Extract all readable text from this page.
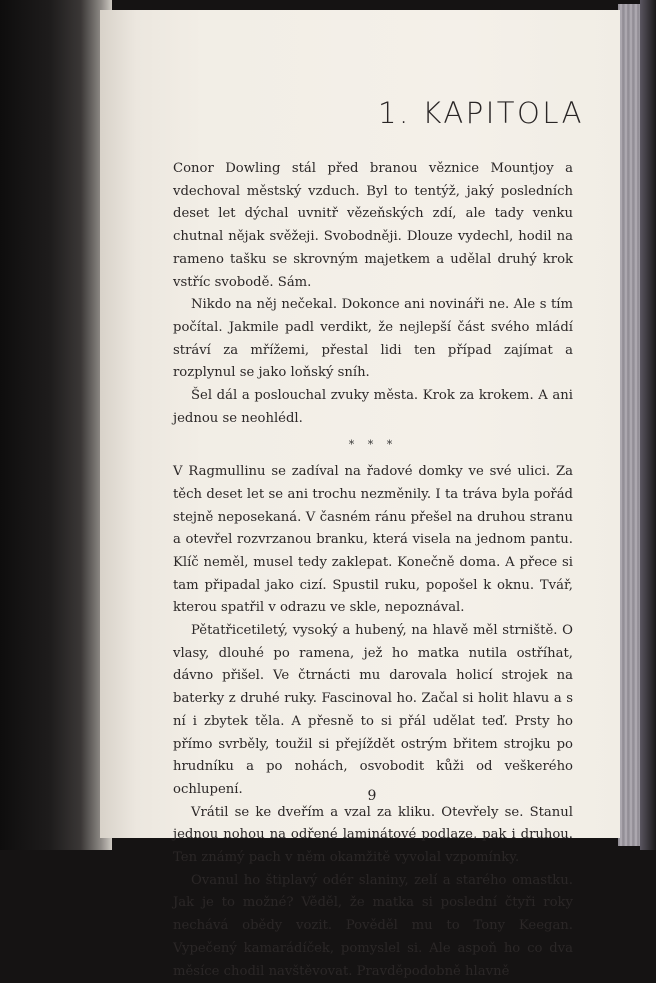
1. KAPITOLA

Conor Dowling stál před branou věznice Mountjoy a vdechoval městský vzduch. Byl to tentýž, jaký posledních deset let dýchal uvnitř vězeňských zdí, ale tady venku chutnal nějak svěžeji. Svobodněji. Dlouze vydechl, hodil na rameno tašku se skrovným majetkem a udělal druhý krok vstříc svobodě. Sám.

Nikdo na něj nečekal. Dokonce ani novináři ne. Ale s tím počítal. Jakmile padl verdikt, že nejlepší část svého mládí stráví za mřížemi, přestal lidi ten případ zajímat a rozplynul se jako loňský sníh.

Šel dál a poslouchal zvuky města. Krok za krokem. A ani jednou se neohlédl.

* * *

V Ragmullinu se zadíval na řadové domky ve své ulici. Za těch deset let se ani trochu nezměnily. I ta tráva byla pořád stejně neposekaná. V časném ránu přešel na druhou stranu a otevřel rozvrzanou branku, která visela na jednom pantu. Klíč neměl, musel tedy zaklepat. Konečně doma. A přece si tam připadal jako cizí. Spustil ruku, popošel k oknu. Tvář, kterou spatřil v odrazu ve skle, nepoznával.

Pětatřicetiletý, vysoký a hubený, na hlavě měl strniště. O vlasy, dlouhé po ramena, jež ho matka nutila ostříhat, dávno přišel. Ve čtrnácti mu darovala holicí strojek na baterky z druhé ruky. Fascinoval ho. Začal si holit hlavu a s ní i zbytek těla. A přesně to si přál udělat teď. Prsty ho přímo svrběly, toužil si přejíždět ostrým břitem strojku po hrudníku a po nohách, osvobodit kůži od veškerého ochlupení.

Vrátil se ke dveřím a vzal za kliku. Otevřely se. Stanul jednou nohou na odřené laminátové podlaze, pak i druhou. Ten známý pach v něm okamžitě vyvolal vzpomínky.

Ovanul ho štiplavý odér slaniny, zelí a starého omastku. Jak je to možné? Věděl, že matka si poslední čtyři roky nechává obědy vozit. Pověděl mu to Tony Keegan. Vypečený kamarádíček, pomyslel si. Ale aspoň ho co dva měsíce chodil navštěvovat. Pravděpodobně hlavně

9
